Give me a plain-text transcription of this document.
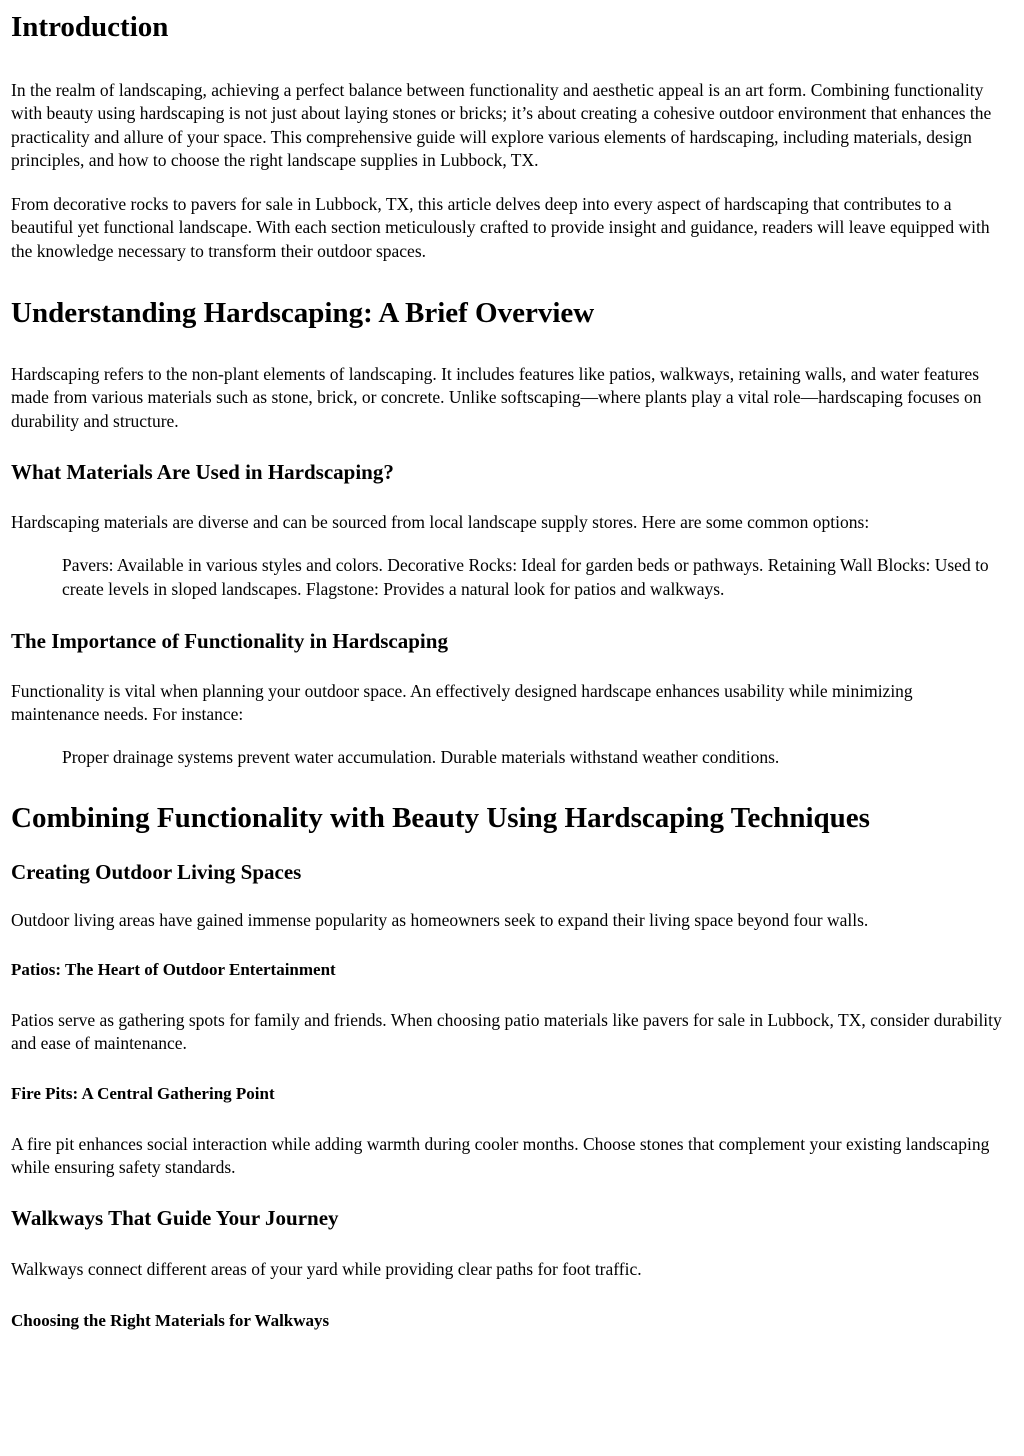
Introduction

In the realm of landscaping, achieving a perfect balance between functionality and aesthetic appeal is an art form. Combining functionality with beauty using hardscaping is not just about laying stones or bricks; it’s about creating a cohesive outdoor environment that enhances the practicality and allure of your space. This comprehensive guide will explore various elements of hardscaping, including materials, design principles, and how to choose the right landscape supplies in Lubbock, TX.

From decorative rocks to pavers for sale in Lubbock, TX, this article delves deep into every aspect of hardscaping that contributes to a beautiful yet functional landscape. With each section meticulously crafted to provide insight and guidance, readers will leave equipped with the knowledge necessary to transform their outdoor spaces.

Understanding Hardscaping: A Brief Overview

Hardscaping refers to the non-plant elements of landscaping. It includes features like patios, walkways, retaining walls, and water features made from various materials such as stone, brick, or concrete. Unlike softscaping—where plants play a vital role—hardscaping focuses on durability and structure.

What Materials Are Used in Hardscaping?

Hardscaping materials are diverse and can be sourced from local landscape supply stores. Here are some common options:

Pavers: Available in various styles and colors. Decorative Rocks: Ideal for garden beds or pathways. Retaining Wall Blocks: Used to create levels in sloped landscapes. Flagstone: Provides a natural look for patios and walkways.

The Importance of Functionality in Hardscaping

Functionality is vital when planning your outdoor space. An effectively designed hardscape enhances usability while minimizing maintenance needs. For instance:

Proper drainage systems prevent water accumulation. Durable materials withstand weather conditions.

Combining Functionality with Beauty Using Hardscaping Techniques
Creating Outdoor Living Spaces

Outdoor living areas have gained immense popularity as homeowners seek to expand their living space beyond four walls.

Patios: The Heart of Outdoor Entertainment

Patios serve as gathering spots for family and friends. When choosing patio materials like pavers for sale in Lubbock, TX, consider durability and ease of maintenance.

Fire Pits: A Central Gathering Point

A fire pit enhances social interaction while adding warmth during cooler months. Choose stones that complement your existing landscaping while ensuring safety standards.

Walkways That Guide Your Journey

Walkways connect different areas of your yard while providing clear paths for foot traffic.

Choosing the Right Materials for Walkways
